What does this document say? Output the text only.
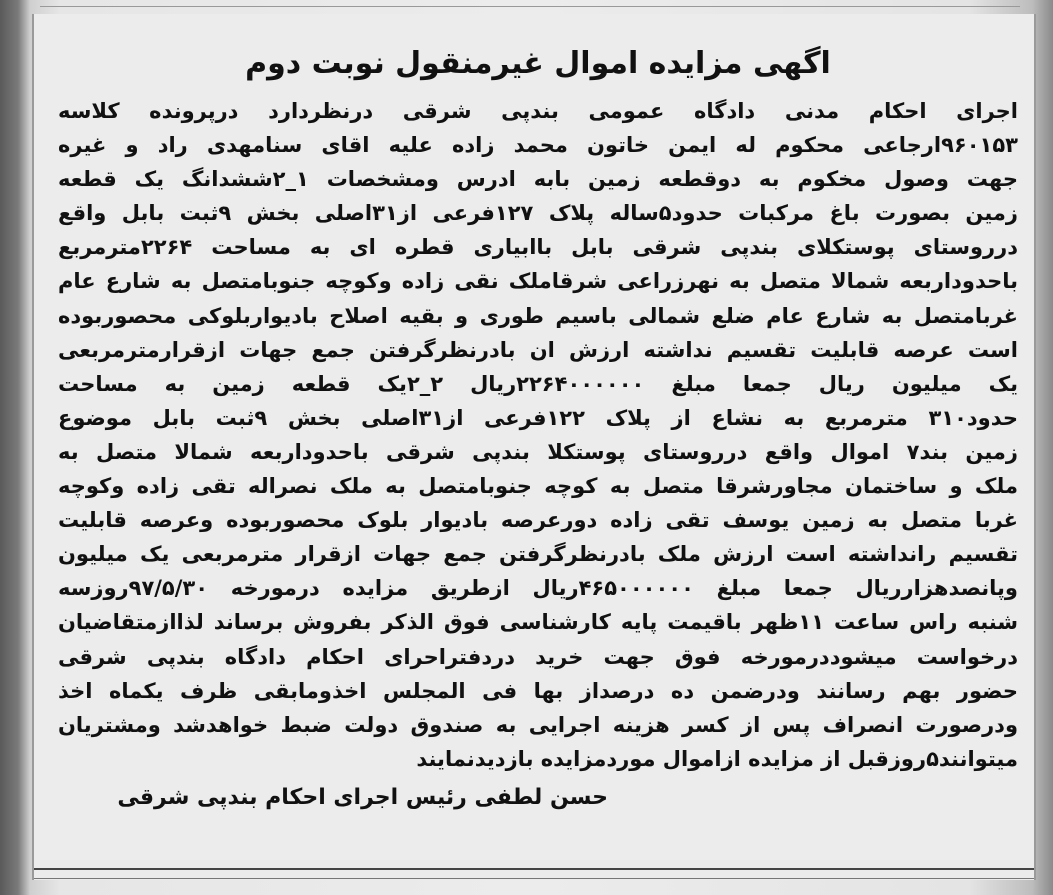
اگهی مزایده اموال غیرمنقول نوبت دوم
اجرای احکام مدنی دادگاه عمومی بندپی شرقی درنظردارد درپرونده کلاسه
۹۶۰۱۵۳ارجاعی محکوم له ایمن خاتون محمد زاده علیه اقای سنامهدی راد و غیره
جهت وصول مخکوم به دوقطعه زمین بابه ادرس ومشخصات ۱_۲ششدانگ یک قطعه
زمین بصورت باغ مرکبات حدود۵ساله پلاک ۱۲۷فرعی از۳۱اصلی بخش ۹ثبت بابل واقع
درروستای پوستکلای بندپی شرقی بابل باابیاری قطره ای به مساحت ۲۲۶۴مترمربع
باحدوداربعه شمالا متصل به نهرزراعی شرقاملک نقی زاده وکوچه جنوبامتصل به شارع عام
غربامتصل به شارع عام ضلع شمالی باسیم طوری و بقیه اصلاح بادیواربلوکی محصوربوده
است عرصه قابلیت تقسیم نداشته ارزش ان بادرنظرگرفتن جمع جهات ازقرارمترمربعی
یک میلیون ریال جمعا مبلغ ۲۲۶۴۰۰۰۰۰۰ریال ۲_۲یک قطعه زمین به مساحت
حدود۳۱۰ مترمربع به نشاع از پلاک ۱۲۲فرعی از۳۱اصلی بخش ۹ثبت بابل موضوع
زمین بند۷ اموال واقع درروستای پوستکلا بندپی شرقی باحدوداربعه شمالا متصل به
ملک و ساختمان مجاورشرقا متصل به کوچه جنوبامتصل به ملک نصراله تقی زاده وکوچه
غربا متصل به زمین یوسف تقی زاده دورعرصه بادیوار بلوک محصوربوده وعرصه قابلیت
تقسیم رانداشته است ارزش ملک بادرنظرگرفتن جمع جهات ازقرار مترمربعی یک میلیون
وپانصدهزارریال جمعا مبلغ ۴۶۵۰۰۰۰۰۰ریال ازطریق مزایده درمورخه ۹۷/۵/۳۰روزسه
شنبه راس ساعت ۱۱ظهر باقیمت پایه کارشناسی فوق الذکر بفروش برساند لذاازمتقاضیان
درخواست میشوددرمورخه فوق جهت خرید دردفتراحرای احکام دادگاه بندپی شرقی
حضور بهم رسانند ودرضمن ده درصداز بها فی المجلس اخذومابقی ظرف یکماه اخذ
ودرصورت انصراف پس از کسر هزینه اجرایی به صندوق دولت ضبط خواهدشد ومشتریان
میتوانند۵روزقبل از مزایده ازاموال موردمزایده بازدیدنمایند
حسن لطفی رئیس اجرای احکام بندپی شرقی
